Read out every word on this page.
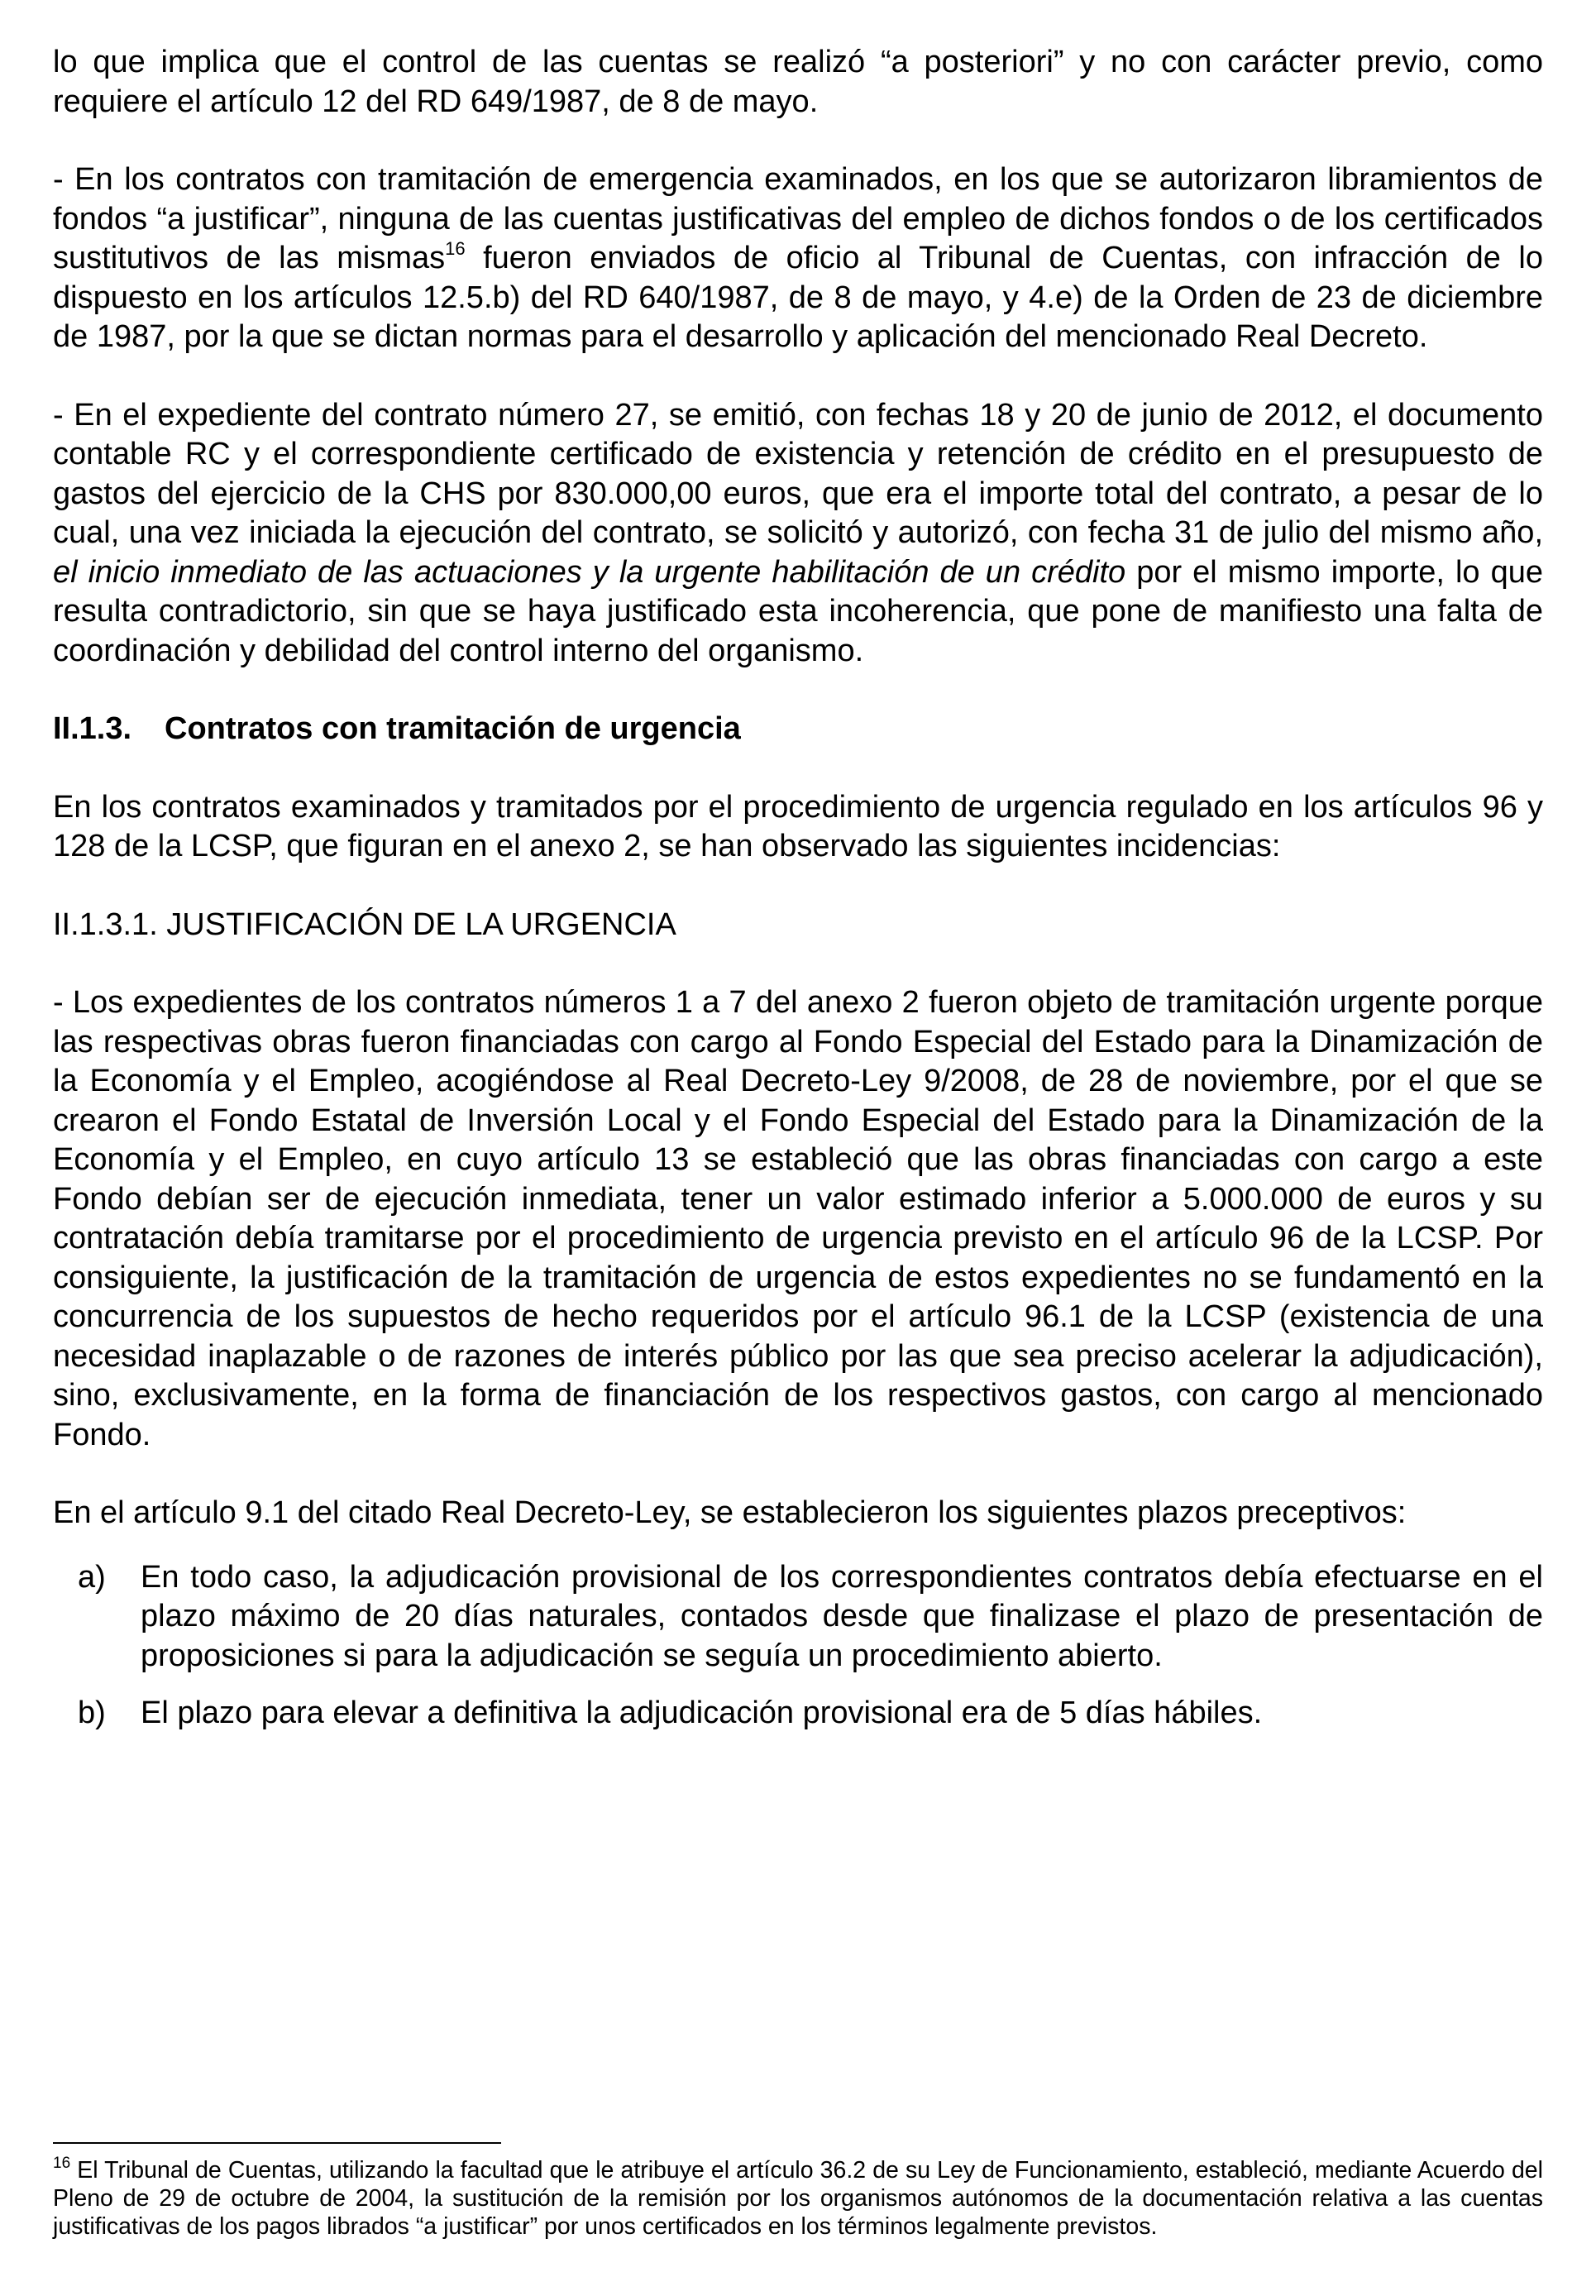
lo que implica que el control de las cuentas se realizó “a posteriori” y no con carácter previo, como requiere el artículo 12 del RD 649/1987, de 8 de mayo.

- En los contratos con tramitación de emergencia examinados, en los que se autorizaron libramientos de fondos “a justificar”, ninguna de las cuentas justificativas del empleo de dichos fondos o de los certificados sustitutivos de las mismas$^{16}$ fueron enviados de oficio al Tribunal de Cuentas, con infracción de lo dispuesto en los artículos 12.5.b) del RD 640/1987, de 8 de mayo, y 4.e) de la Orden de 23 de diciembre de 1987, por la que se dictan normas para el desarrollo y aplicación del mencionado Real Decreto.

- En el expediente del contrato número 27, se emitió, con fechas 18 y 20 de junio de 2012, el documento contable RC y el correspondiente certificado de existencia y retención de crédito en el presupuesto de gastos del ejercicio de la CHS por 830.000,00 euros, que era el importe total del contrato, a pesar de lo cual, una vez iniciada la ejecución del contrato, se solicitó y autorizó, con fecha 31 de julio del mismo año, el inicio inmediato de las actuaciones y la urgente habilitación de un crédito por el mismo importe, lo que resulta contradictorio, sin que se haya justificado esta incoherencia, que pone de manifiesto una falta de coordinación y debilidad del control interno del organismo.

II.1.3. Contratos con tramitación de urgencia

En los contratos examinados y tramitados por el procedimiento de urgencia regulado en los artículos 96 y 128 de la LCSP, que figuran en el anexo 2, se han observado las siguientes incidencias:

II.1.3.1. JUSTIFICACIÓN DE LA URGENCIA

- Los expedientes de los contratos números 1 a 7 del anexo 2 fueron objeto de tramitación urgente porque las respectivas obras fueron financiadas con cargo al Fondo Especial del Estado para la Dinamización de la Economía y el Empleo, acogiéndose al Real Decreto-Ley 9/2008, de 28 de noviembre, por el que se crearon el Fondo Estatal de Inversión Local y el Fondo Especial del Estado para la Dinamización de la Economía y el Empleo, en cuyo artículo 13 se estableció que las obras financiadas con cargo a este Fondo debían ser de ejecución inmediata, tener un valor estimado inferior a 5.000.000 de euros y su contratación debía tramitarse por el procedimiento de urgencia previsto en el artículo 96 de la LCSP. Por consiguiente, la justificación de la tramitación de urgencia de estos expedientes no se fundamentó en la concurrencia de los supuestos de hecho requeridos por el artículo 96.1 de la LCSP (existencia de una necesidad inaplazable o de razones de interés público por las que sea preciso acelerar la adjudicación), sino, exclusivamente, en la forma de financiación de los respectivos gastos, con cargo al mencionado Fondo.

En el artículo 9.1 del citado Real Decreto-Ley, se establecieron los siguientes plazos preceptivos:

a)	En todo caso, la adjudicación provisional de los correspondientes contratos debía efectuarse en el plazo máximo de 20 días naturales, contados desde que finalizase el plazo de presentación de proposiciones si para la adjudicación se seguía un procedimiento abierto.
b)	El plazo para elevar a definitiva la adjudicación provisional era de 5 días hábiles.
$^{16}$ El Tribunal de Cuentas, utilizando la facultad que le atribuye el artículo 36.2 de su Ley de Funcionamiento, estableció, mediante Acuerdo del Pleno de 29 de octubre de 2004, la sustitución de la remisión por los organismos autónomos de la documentación relativa a las cuentas justificativas de los pagos librados “a justificar” por unos certificados en los términos legalmente previstos.
